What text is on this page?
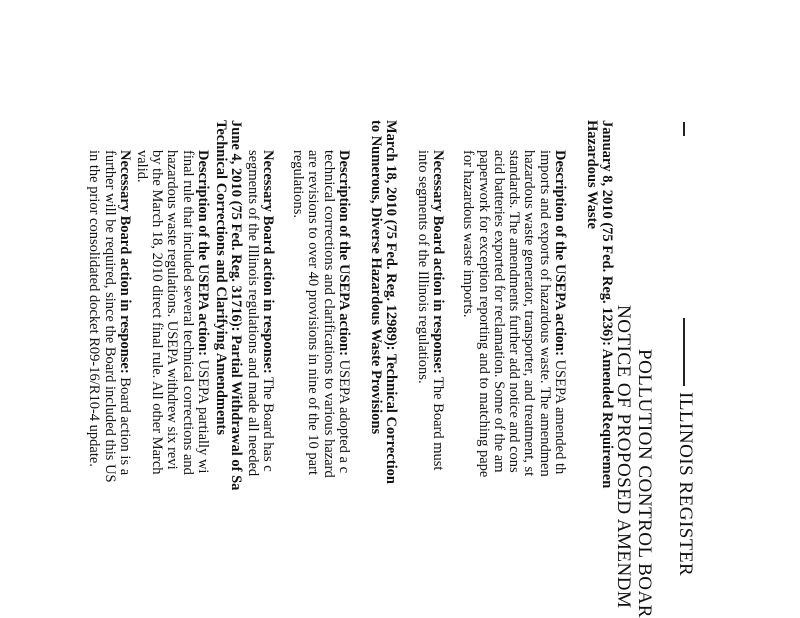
ILLINOIS REGISTER
POLLUTION CONTROL BOAR
NOTICE OF PROPOSED AMENDM
January 8, 2010 (75 Fed. Reg. 1236): Amended Requiremen
Hazardous Waste
Description of the USEPA action: USEPA amended th
imports and exports of hazardous waste. The amendmen
hazardous waste generator, transporter, and treatment, st
standards. The amendments further add notice and cons
acid batteries exported for reclamation. Some of the am
paperwork for exception reporting and to matching pape
for hazardous waste imports.
Necessary Board action in response: The Board must
into segments of the Illinois regulations.
March 18, 2010 (75 Fed. Reg. 12989): Technical Correction
to Numerous, Diverse Hazardous Waste Provisions
Description of the USEPA action: USEPA adopted a c
technical corrections and clarifications to various hazard
are revisions to over 40 provisions in nine of the 10 part
regulations.
Necessary Board action in response: The Board has c
segments of the Illinois regulations and made all needed
June 4, 2010 (75 Fed. Reg. 31716): Partial Withdrawal of Sa
Technical Corrections and Clarifying Amendments
Description of the USEPA action: USEPA partially wi
final rule that included several technical corrections and
hazardous waste regulations. USEPA withdrew six revi
by the March 18, 2010 direct final rule. All other March
valid.
Necessary Board action in response: Board action is a
further will be required, since the Board included this US
in the prior consolidated docket R09-16/R10-4 update.
